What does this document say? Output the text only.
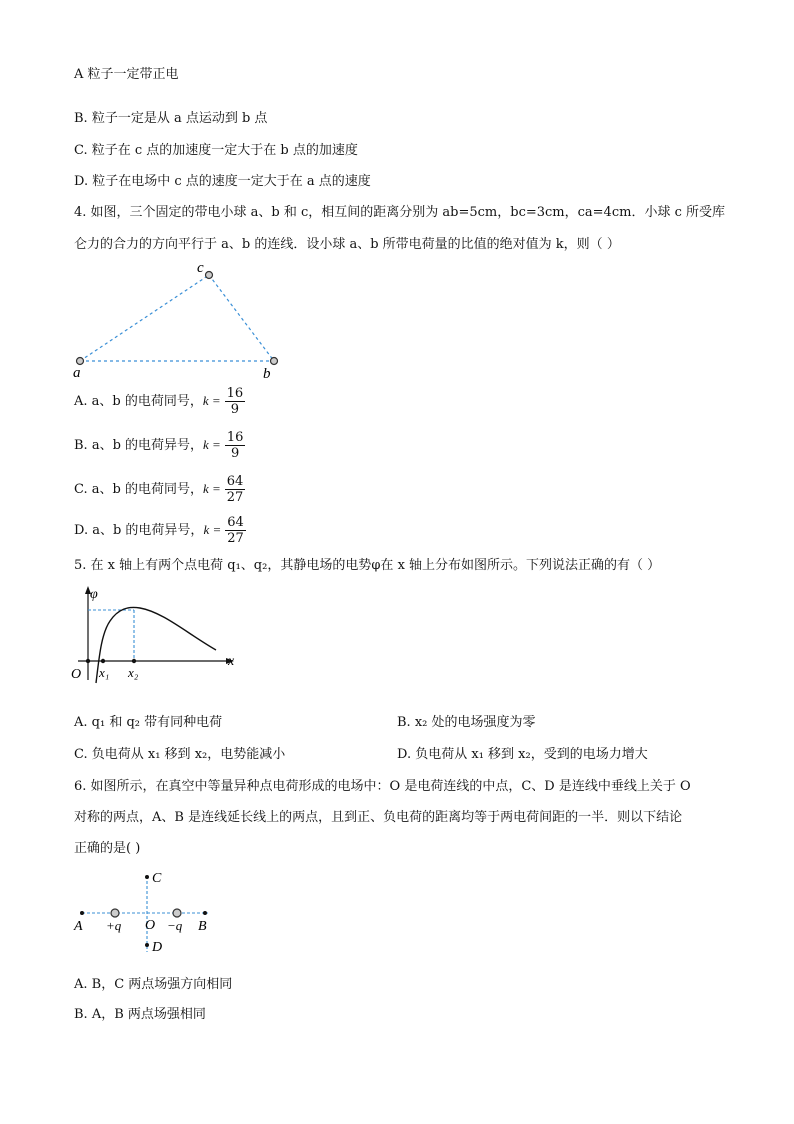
A 粒子一定带正电
B. 粒子一定是从 a 点运动到 b 点
C. 粒子在 c 点的加速度一定大于在 b 点的加速度
D. 粒子在电场中 c 点的速度一定大于在 a 点的速度
4. 如图，三个固定的带电小球 a、b 和 c，相互间的距离分别为 ab=5cm，bc=3cm，ca=4cm．小球 c 所受库
仑力的合力的方向平行于 a、b 的连线．设小球 a、b 所带电荷量的比值的绝对值为 k，则（ ）
a	b
c
A. a、b 的电荷同号，$k = \frac{16}{9}$
B. a、b 的电荷异号，$k = \frac{16}{9}$
C. a、b 的电荷同号，$k = \frac{64}{27}$
D. a、b 的电荷异号，$k = \frac{64}{27}$
5. 在 x 轴上有两个点电荷 q₁、q₂，其静电场的电势φ在 x 轴上分布如图所示。下列说法正确的有（ ）
φ
x
O x₁ x₂
A. q₁ 和 q₂ 带有同种电荷	B. x₂ 处的电场强度为零
C. 负电荷从 x₁ 移到 x₂，电势能减小	D. 负电荷从 x₁ 移到 x₂，受到的电场力增大
6. 如图所示，在真空中等量异种点电荷形成的电场中：O 是电荷连线的中点，C、D 是连线中垂线上关于 O
对称的两点，A、B 是连线延长线上的两点，且到正、负电荷的距离均等于两电荷间距的一半．则以下结论
正确的是( )
A	B
C
D
O
+q	−q
A. B，C 两点场强方向相同
B. A，B 两点场强相同
